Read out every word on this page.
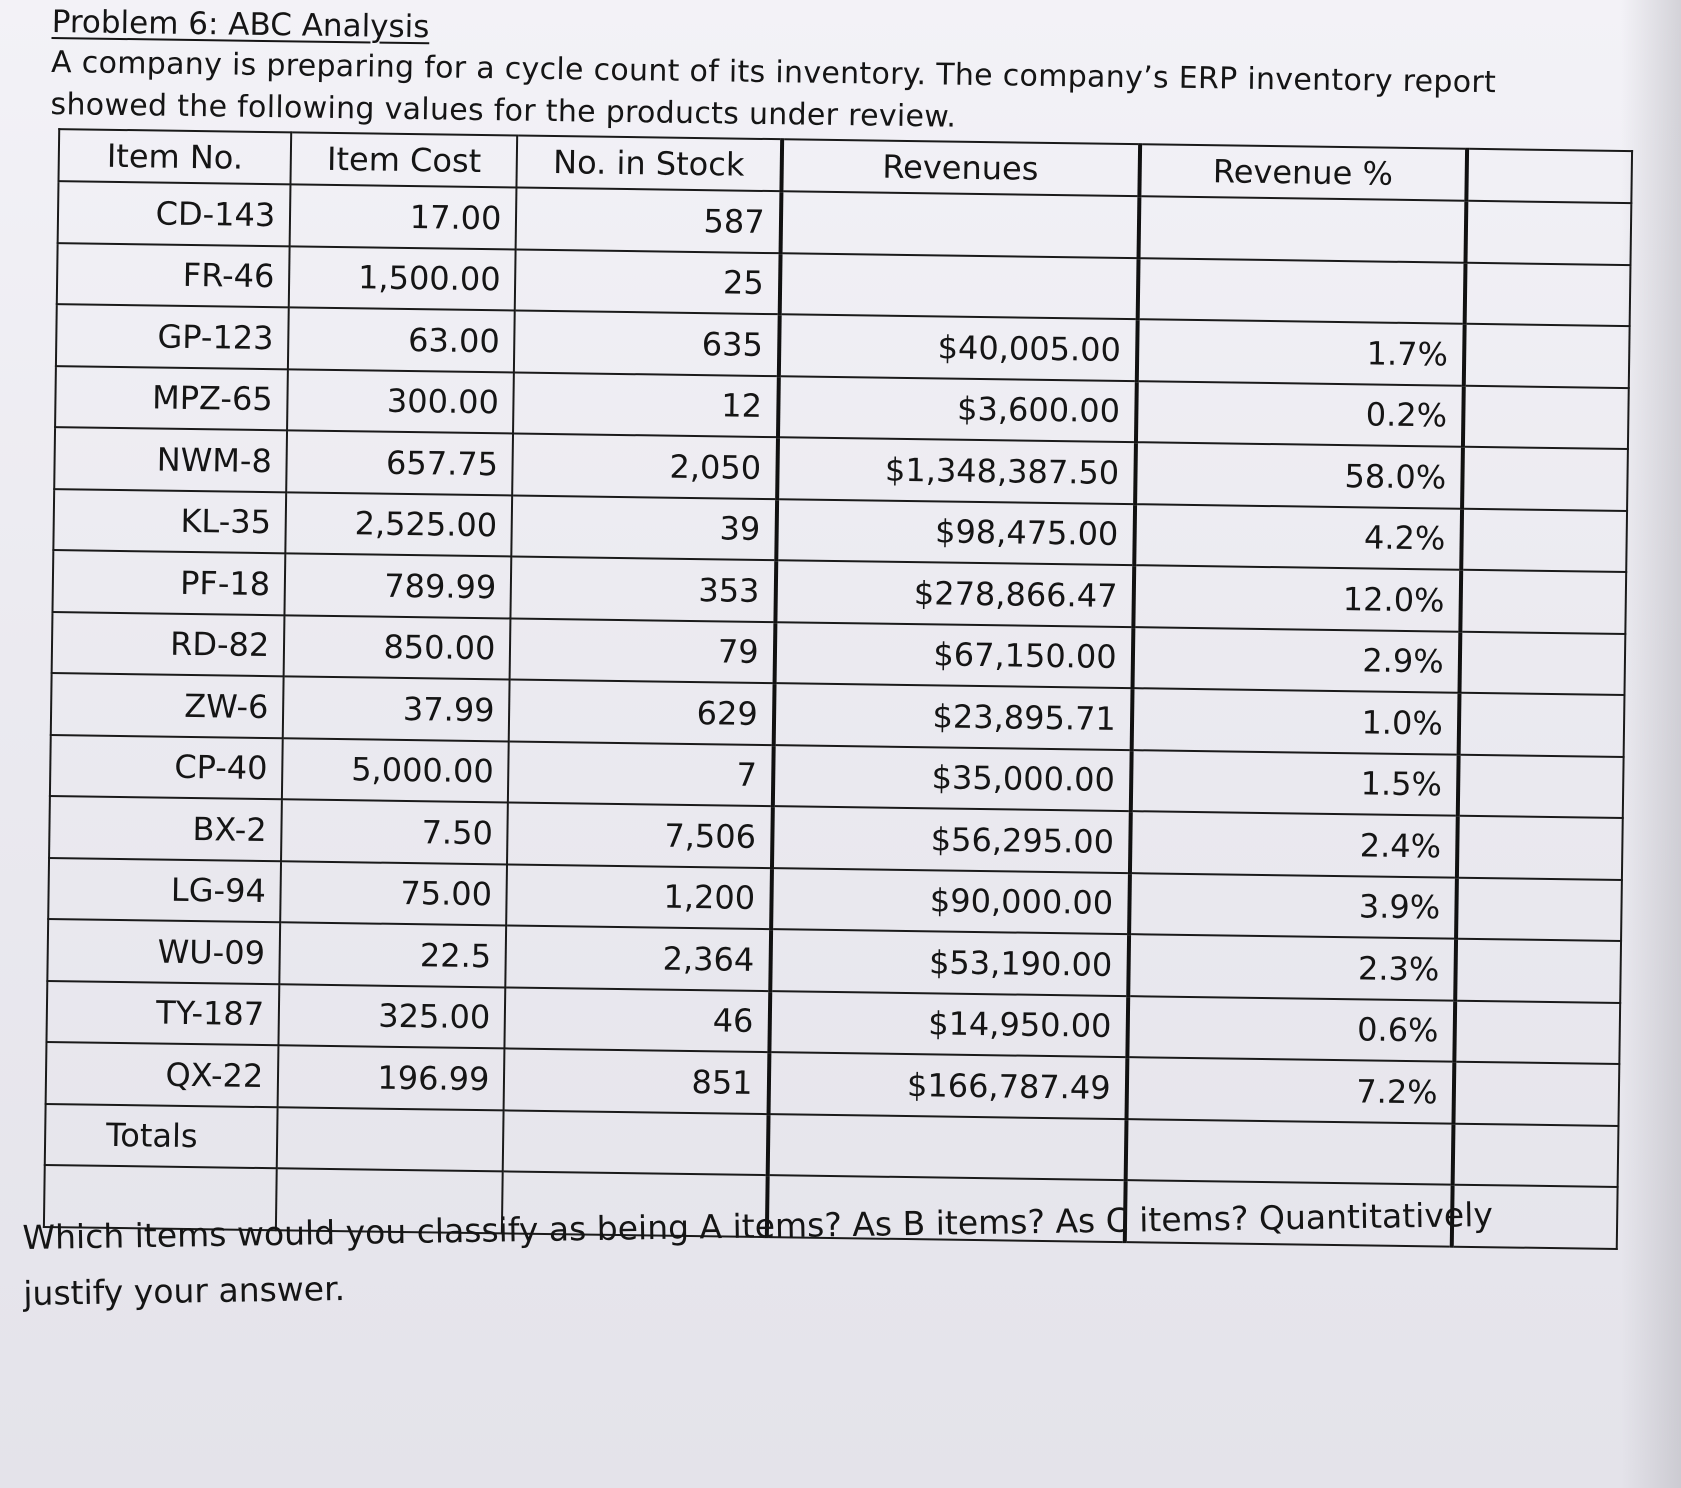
Problem 6: ABC Analysis
A company is preparing for a cycle count of its inventory. The company’s ERP inventory report showed the following values for the products under review.
Item No.	Item Cost	No. in Stock	Revenues	Revenue %	
CD-143	17.00	587			
FR-46	1,500.00	25			
GP-123	63.00	635	$40,005.00	1.7%	
MPZ-65	300.00	12	$3,600.00	0.2%	
NWM-8	657.75	2,050	$1,348,387.50	58.0%	
KL-35	2,525.00	39	$98,475.00	4.2%	
PF-18	789.99	353	$278,866.47	12.0%	
RD-82	850.00	79	$67,150.00	2.9%	
ZW-6	37.99	629	$23,895.71	1.0%	
CP-40	5,000.00	7	$35,000.00	1.5%	
BX-2	7.50	7,506	$56,295.00	2.4%	
LG-94	75.00	1,200	$90,000.00	3.9%	
WU-09	22.5	2,364	$53,190.00	2.3%	
TY-187	325.00	46	$14,950.00	0.6%	
QX-22	196.99	851	$166,787.49	7.2%	
Totals					

Which items would you classify as being A items? As B items? As C items? Quantitatively justify your answer.
